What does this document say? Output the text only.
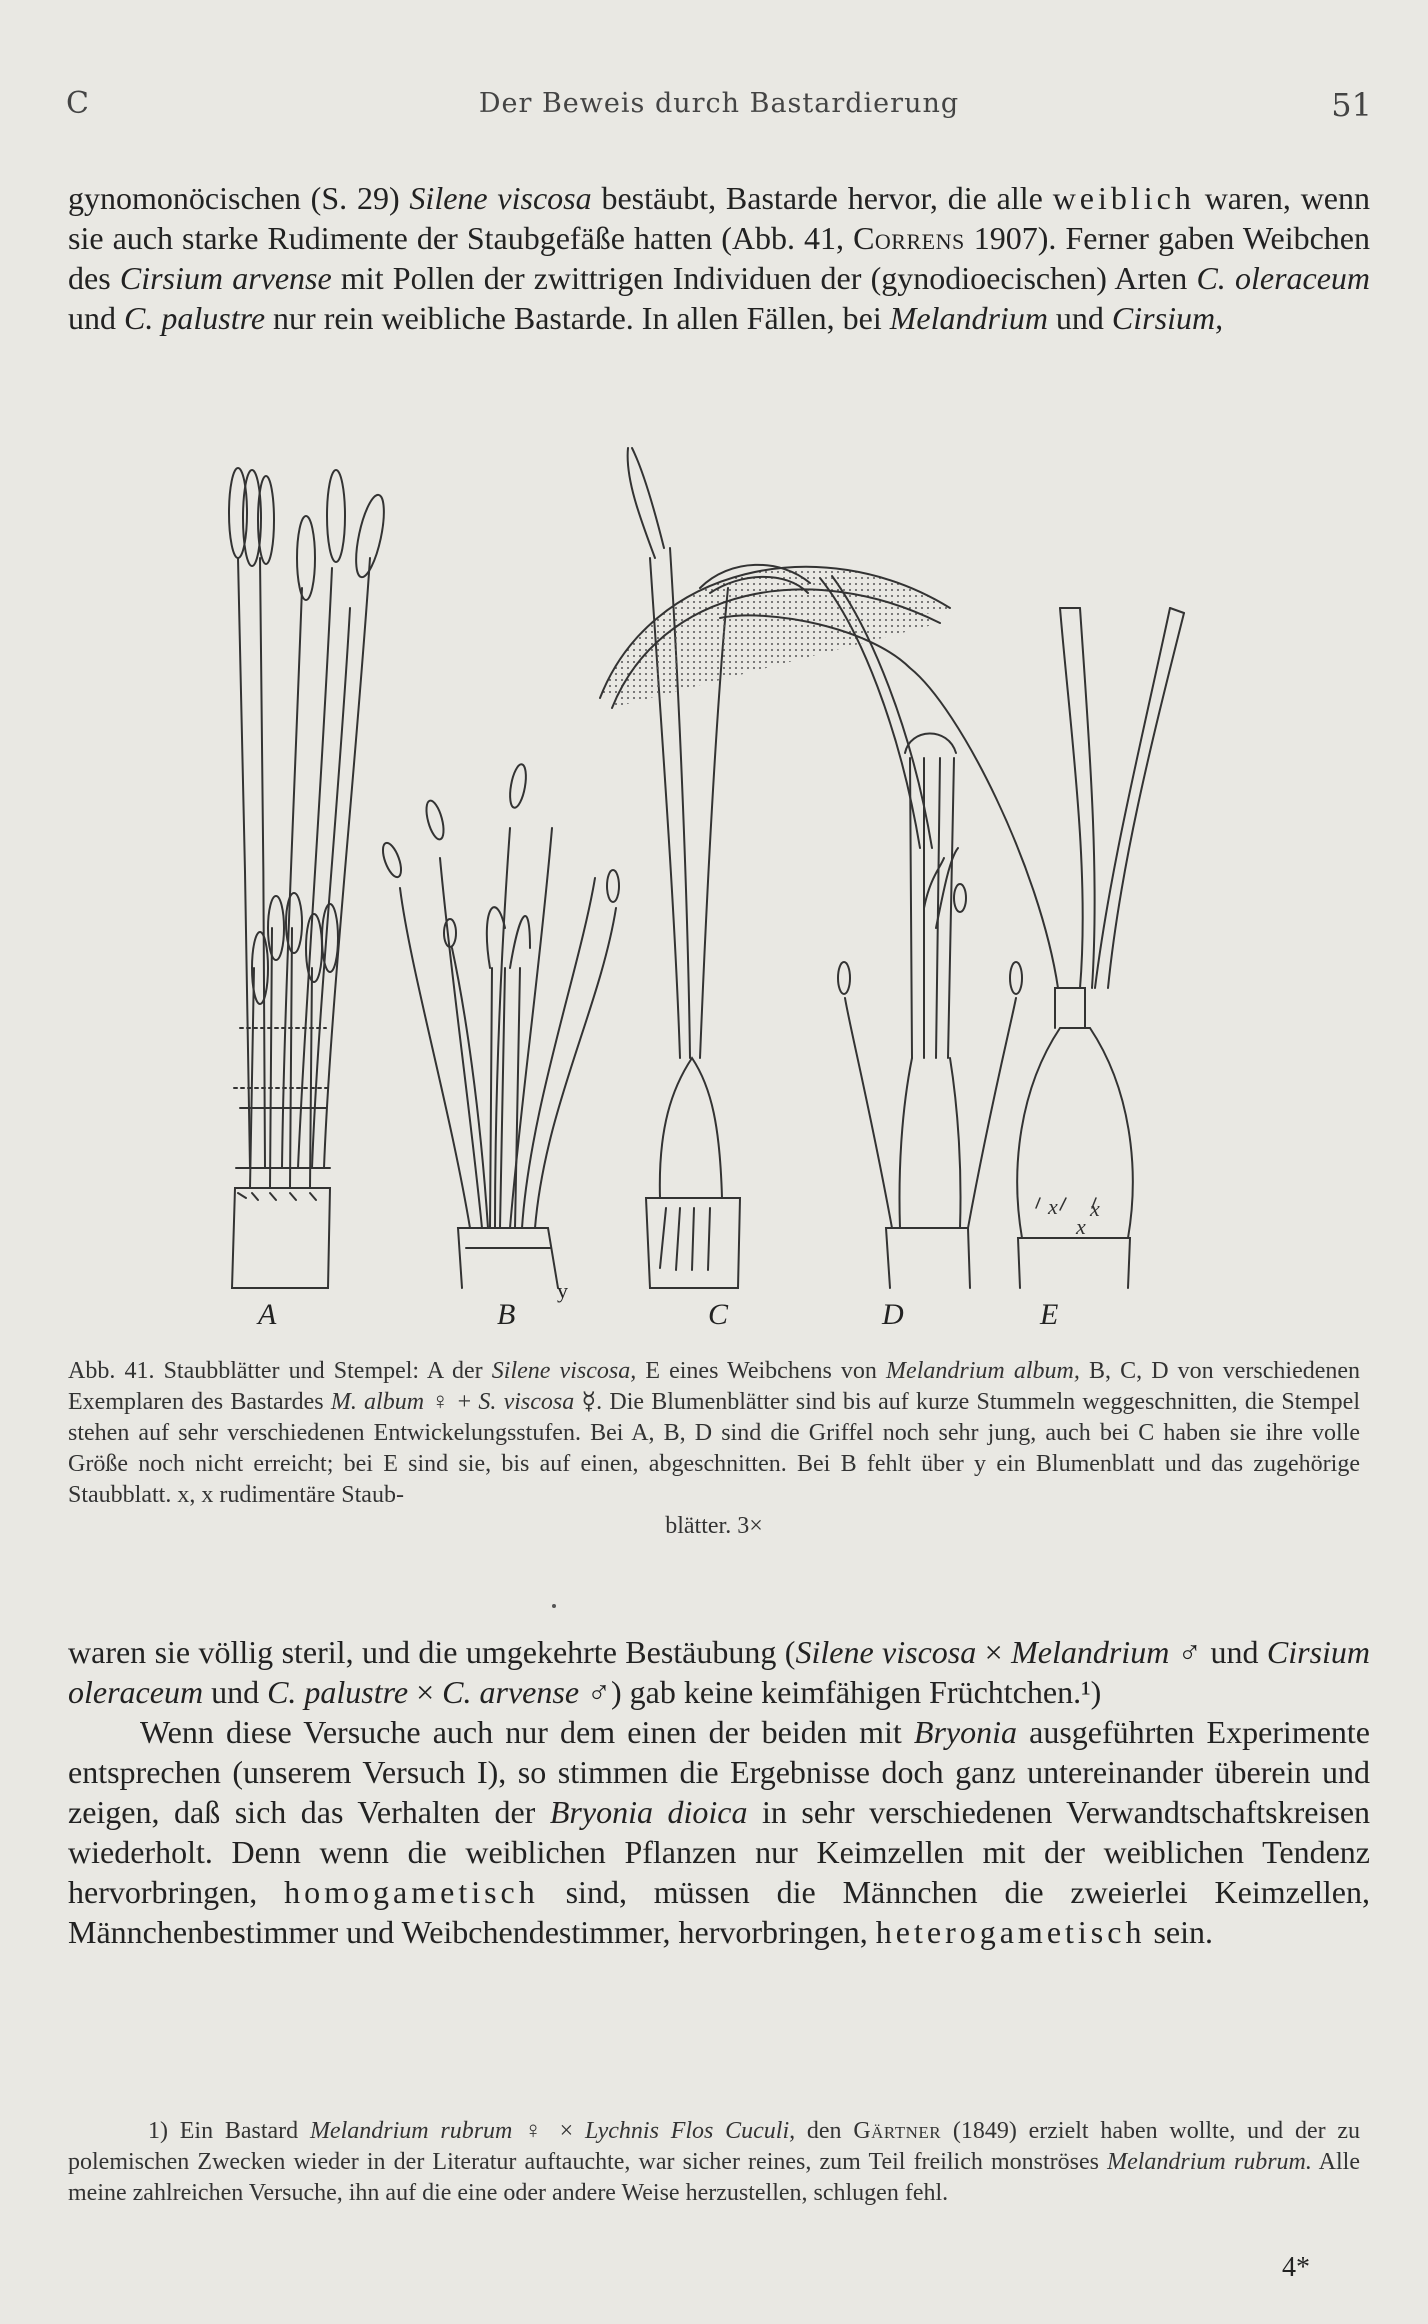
C	Der Beweis durch Bastardierung	51

gynomonöcischen (S. 29) Silene viscosa bestäubt, Bastarde hervor, die alle weiblich waren, wenn sie auch starke Rudimente der Staubgefäße hatten (Abb. 41, Correns 1907). Ferner gaben Weibchen des Cirsium arvense mit Pollen der zwittrigen Individuen der (gynodioecischen) Arten C. oleraceum und C. palustre nur rein weibliche Bastarde. In allen Fällen, bei Melandrium und Cirsium,

x x
x
A	B
y
C	D	E

Abb. 41. Staubblätter und Stempel: A der Silene viscosa, E eines Weibchens von Melandrium album, B, C, D von verschiedenen Exemplaren des Bastardes M. album ♀ + S. viscosa ☿. Die Blumenblätter sind bis auf kurze Stummeln weggeschnitten, die Stempel stehen auf sehr verschiedenen Entwickelungsstufen. Bei A, B, D sind die Griffel noch sehr jung, auch bei C haben sie ihre volle Größe noch nicht erreicht; bei E sind sie, bis auf einen, abgeschnitten. Bei B fehlt über y ein Blumenblatt und das zugehörige Staubblatt. x, x rudimentäre Staub-

blätter. 3×

waren sie völlig steril, und die umgekehrte Bestäubung (Silene viscosa × Melandrium ♂ und Cirsium oleraceum und C. palustre × C. arvense ♂) gab keine keimfähigen Früchtchen.¹)

Wenn diese Versuche auch nur dem einen der beiden mit Bryonia ausgeführten Experimente entsprechen (unserem Versuch I), so stimmen die Ergebnisse doch ganz untereinander überein und zeigen, daß sich das Verhalten der Bryonia dioica in sehr verschiedenen Verwandtschaftskreisen wiederholt. Denn wenn die weiblichen Pflanzen nur Keimzellen mit der weiblichen Tendenz hervorbringen, homogametisch sind, müssen die Männchen die zweierlei Keimzellen, Männchenbestimmer und Weibchendestimmer, hervorbringen, heterogametisch sein.

1) Ein Bastard Melandrium rubrum ♀ × Lychnis Flos Cuculi, den Gärtner (1849) erzielt haben wollte, und der zu polemischen Zwecken wieder in der Literatur auftauchte, war sicher reines, zum Teil freilich monströses Melandrium rubrum. Alle meine zahlreichen Versuche, ihn auf die eine oder andere Weise herzustellen, schlugen fehl.

4*
